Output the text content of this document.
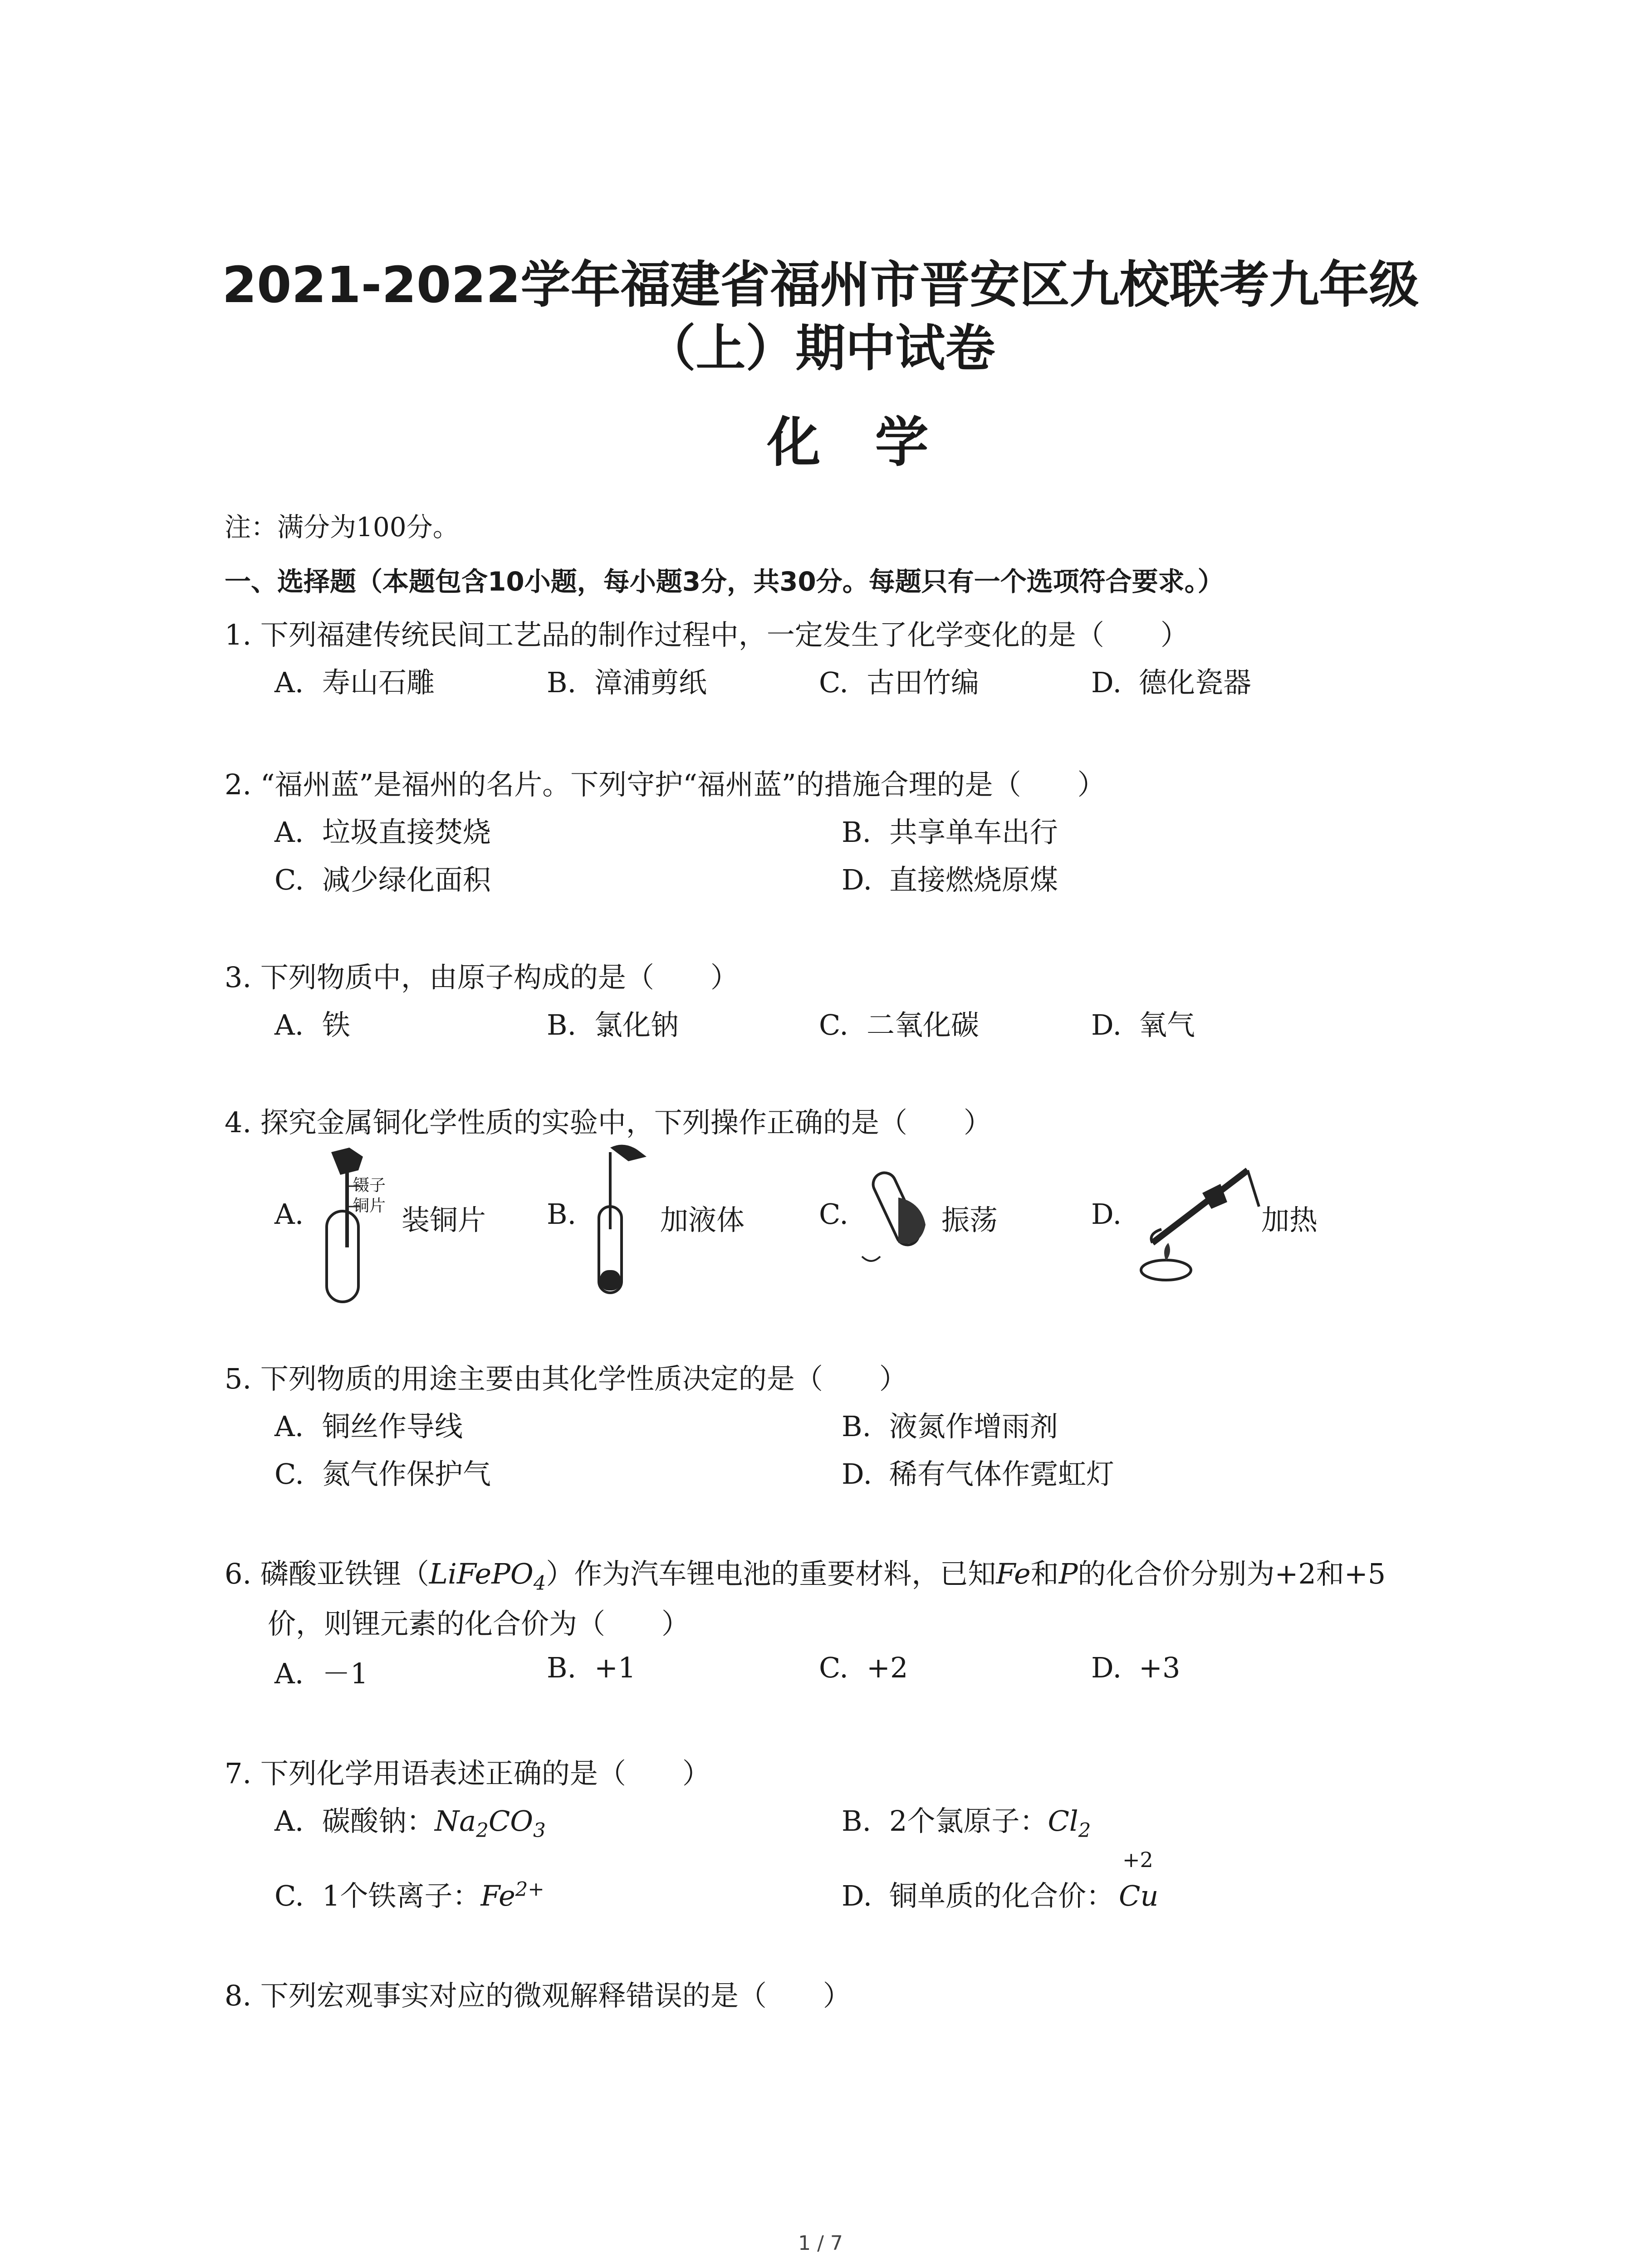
2021-2022学年福建省福州市晋安区九校联考九年级
（上）期中试卷
化学
注：满分为100分。
一、选择题（本题包含10小题，每小题3分，共30分。每题只有一个选项符合要求。）
1. 下列福建传统民间工艺品的制作过程中，一定发生了化学变化的是（　　）
A. 寿山石雕	B. 漳浦剪纸	C. 古田竹编	D. 德化瓷器
2. “福州蓝”是福州的名片。下列守护“福州蓝”的措施合理的是（　　）
A. 垃圾直接焚烧	B. 共享单车出行
C. 减少绿化面积	D. 直接燃烧原煤
3. 下列物质中，由原子构成的是（　　）
A. 铁	B. 氯化钠	C. 二氧化碳	D. 氧气
4. 探究金属铜化学性质的实验中，下列操作正确的是（　　）
A.
镊子
铜片 装铜片 B.	加液体	C.	振荡	D.	加热
5. 下列物质的用途主要由其化学性质决定的是（　　）
A. 铜丝作导线	B. 液氮作增雨剂
C. 氮气作保护气	D. 稀有气体作霓虹灯
6. 磷酸亚铁锂（LiFePO$_4$）作为汽车锂电池的重要材料，已知Fe和P的化合价分别为+2和+5
价，则锂元素的化合价为（　　）
A. －1	B. +1	C. +2	D. +3
7. 下列化学用语表述正确的是（　　）
A. 碳酸钠：$Na_2CO_3$	B. 2个氯原子：$Cl_2$
C. 1个铁离子：$Fe^{2+}$	D. 铜单质的化合价：
+2
Cu
8. 下列宏观事实对应的微观解释错误的是（　　）
1 / 7
